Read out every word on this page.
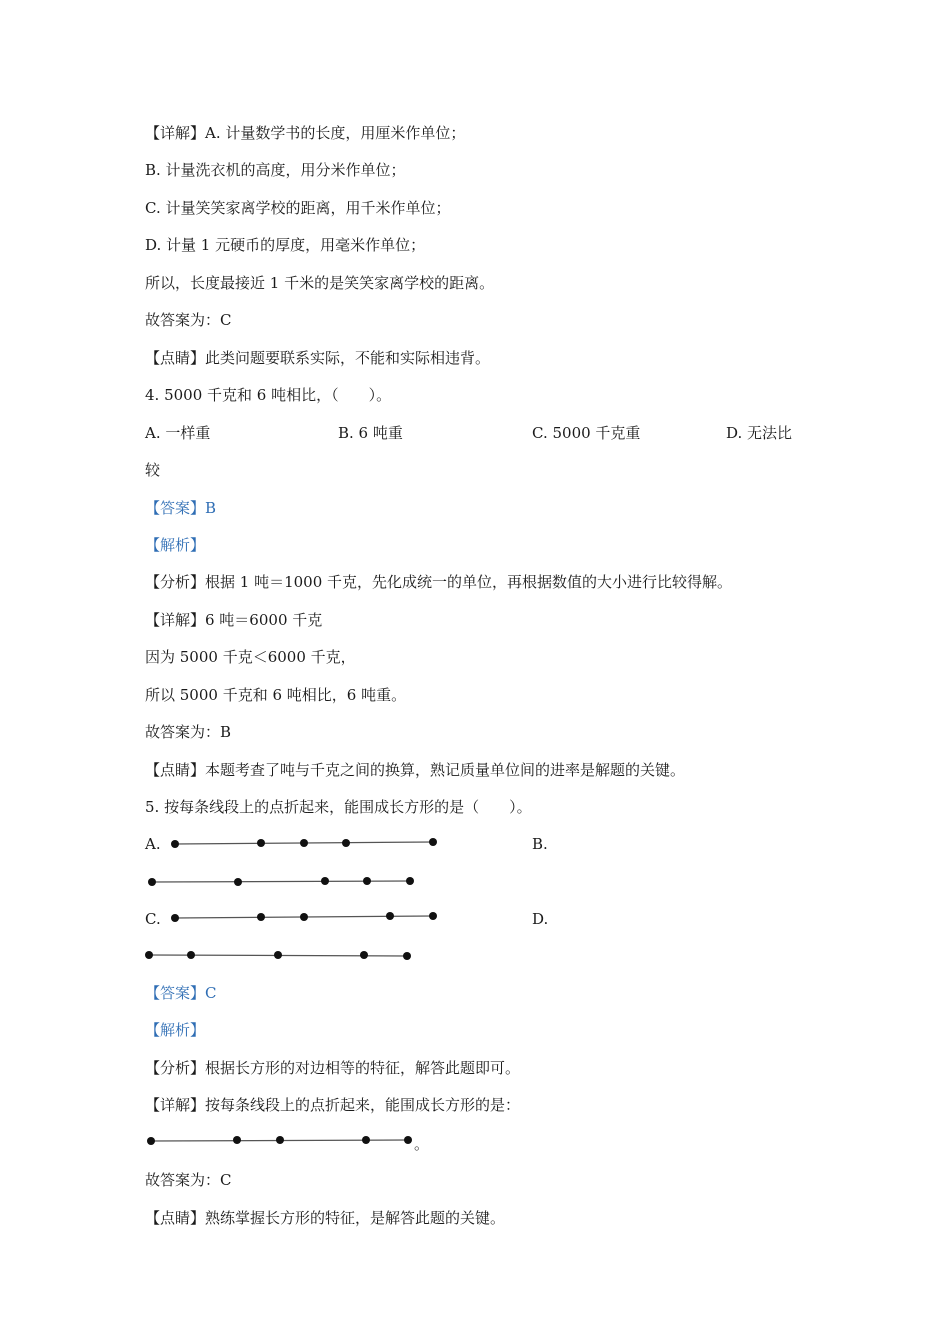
【详解】A. 计量数学书的长度，用厘米作单位；
B. 计量洗衣机的高度，用分米作单位；
C. 计量笑笑家离学校的距离，用千米作单位；
D. 计量 1 元硬币的厚度，用毫米作单位；
所以，长度最接近 1 千米的是笑笑家离学校的距离。
故答案为：C
【点睛】此类问题要联系实际，不能和实际相违背。
4. 5000 千克和 6 吨相比，（　　）。
A. 一样重	B. 6 吨重	C. 5000 千克重	D. 无法比
较
【答案】B
【解析】
【分析】根据 1 吨＝1000 千克，先化成统一的单位，再根据数值的大小进行比较得解。
【详解】6 吨＝6000 千克
因为 5000 千克＜6000 千克，
所以 5000 千克和 6 吨相比，6 吨重。
故答案为：B
【点睛】本题考查了吨与千克之间的换算，熟记质量单位间的进率是解题的关键。
5. 按每条线段上的点折起来，能围成长方形的是（　　）。
A.	B.
C.	D.
【答案】C
【解析】
【分析】根据长方形的对边相等的特征，解答此题即可。
【详解】按每条线段上的点折起来，能围成长方形的是：
。
故答案为：C
【点睛】熟练掌握长方形的特征，是解答此题的关键。
